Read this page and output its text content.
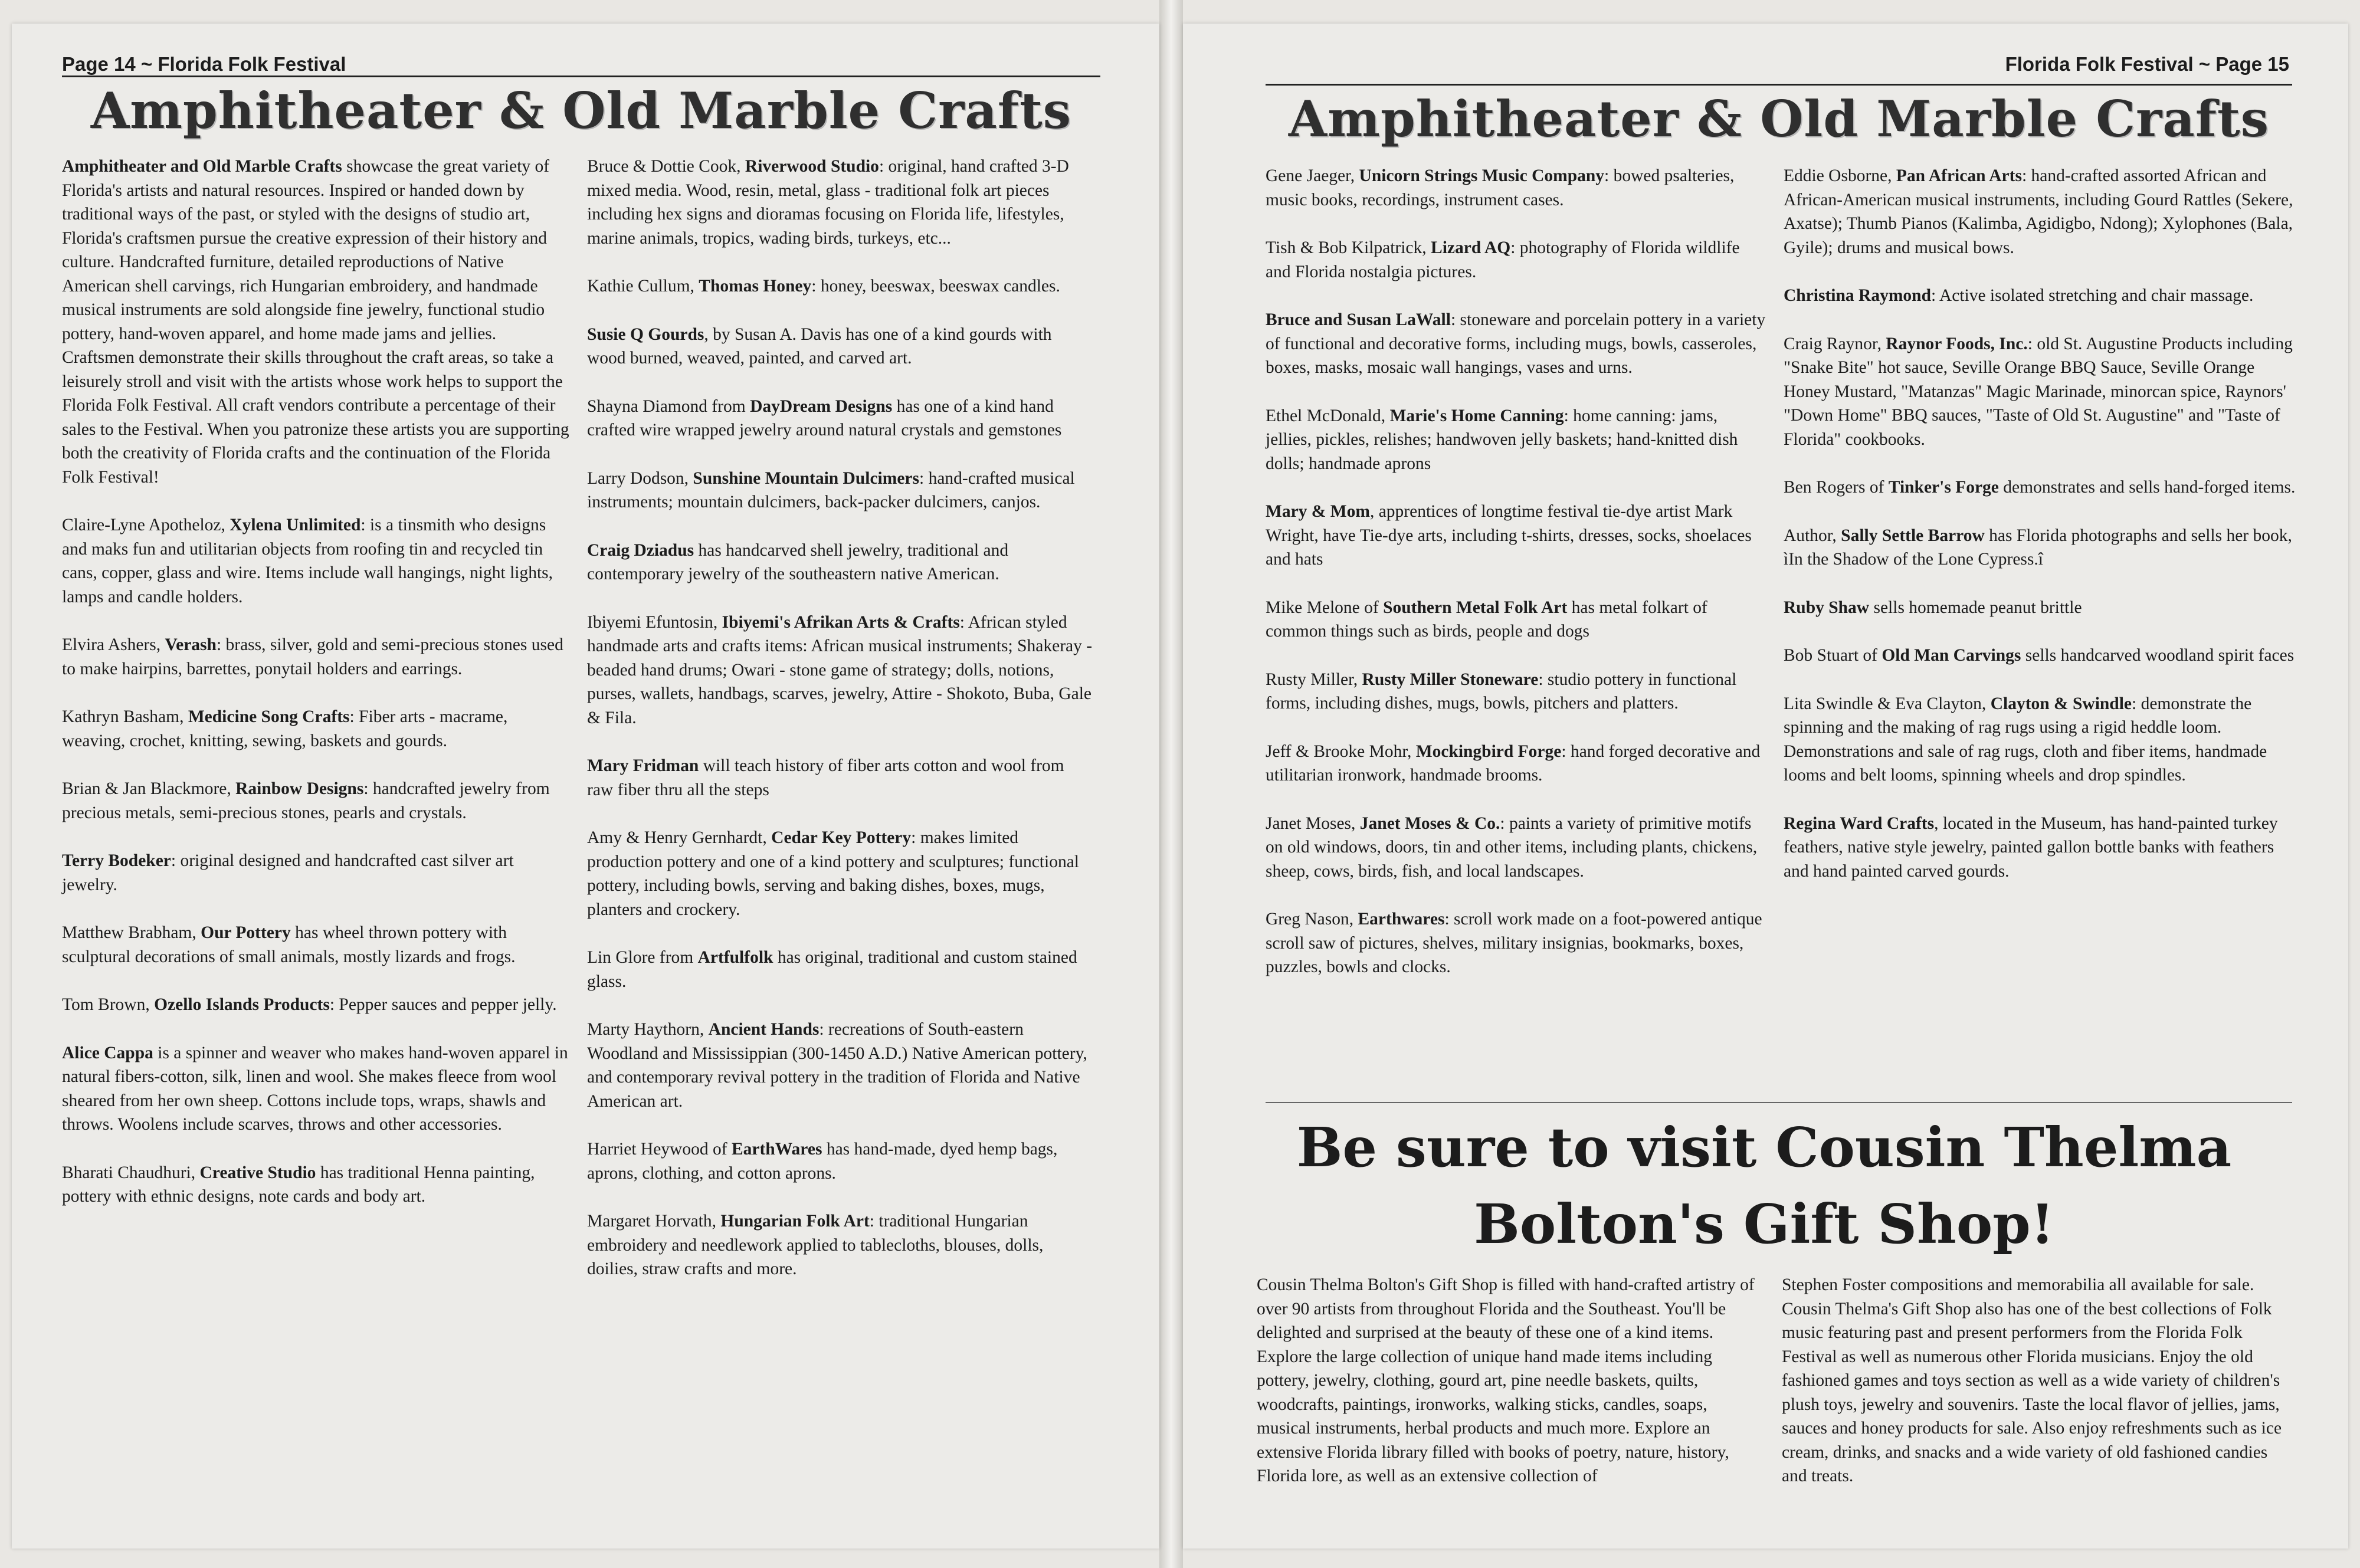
Page 14 ~ Florida Folk Festival
Amphitheater & Old Marble Crafts

Amphitheater and Old Marble Crafts showcase the great variety of Florida's artists and natural resources. Inspired or handed down by traditional ways of the past, or styled with the designs of studio art, Florida's craftsmen pursue the creative expression of their history and culture. Handcrafted furniture, detailed reproductions of Native American shell carvings, rich Hungarian embroidery, and handmade musical instruments are sold alongside fine jewelry, functional studio pottery, hand-woven apparel, and home made jams and jellies. Craftsmen demonstrate their skills throughout the craft areas, so take a leisurely stroll and visit with the artists whose work helps to support the Florida Folk Festival. All craft vendors contribute a percentage of their sales to the Festival. When you patronize these artists you are supporting both the creativity of Florida crafts and the continuation of the Florida Folk Festival!

Claire-Lyne Apotheloz, Xylena Unlimited: is a tinsmith who designs and maks fun and utilitarian objects from roofing tin and recycled tin cans, copper, glass and wire. Items include wall hangings, night lights, lamps and candle holders.

Elvira Ashers, Verash: brass, silver, gold and semi-precious stones used to make hairpins, barrettes, ponytail holders and earrings.

Kathryn Basham, Medicine Song Crafts: Fiber arts - macrame, weaving, crochet, knitting, sewing, baskets and gourds.

Brian & Jan Blackmore, Rainbow Designs: handcrafted jewelry from precious metals, semi-precious stones, pearls and crystals.

Terry Bodeker: original designed and handcrafted cast silver art jewelry.

Matthew Brabham, Our Pottery has wheel thrown pottery with sculptural decorations of small animals, mostly lizards and frogs.

Tom Brown, Ozello Islands Products: Pepper sauces and pepper jelly.

Alice Cappa is a spinner and weaver who makes hand-woven apparel in natural fibers-cotton, silk, linen and wool. She makes fleece from wool sheared from her own sheep. Cottons include tops, wraps, shawls and throws. Woolens include scarves, throws and other accessories.

Bharati Chaudhuri, Creative Studio has traditional Henna painting, pottery with ethnic designs, note cards and body art.

Bruce & Dottie Cook, Riverwood Studio: original, hand crafted 3-D mixed media. Wood, resin, metal, glass - traditional folk art pieces including hex signs and dioramas focusing on Florida life, lifestyles, marine animals, tropics, wading birds, turkeys, etc...

Kathie Cullum, Thomas Honey: honey, beeswax, beeswax candles.

Susie Q Gourds, by Susan A. Davis has one of a kind gourds with wood burned, weaved, painted, and carved art.

Shayna Diamond from DayDream Designs has one of a kind hand crafted wire wrapped jewelry around natural crystals and gemstones

Larry Dodson, Sunshine Mountain Dulcimers: hand-crafted musical instruments; mountain dulcimers, back-packer dulcimers, canjos.

Craig Dziadus has handcarved shell jewelry, traditional and contemporary jewelry of the southeastern native American.

Ibiyemi Efuntosin, Ibiyemi's Afrikan Arts & Crafts: African styled handmade arts and crafts items: African musical instruments; Shakeray - beaded hand drums; Owari - stone game of strategy; dolls, notions, purses, wallets, handbags, scarves, jewelry, Attire - Shokoto, Buba, Gale & Fila.

Mary Fridman will teach history of fiber arts cotton and wool from raw fiber thru all the steps

Amy & Henry Gernhardt, Cedar Key Pottery: makes limited production pottery and one of a kind pottery and sculptures; functional pottery, including bowls, serving and baking dishes, boxes, mugs, planters and crockery.

Lin Glore from Artfulfolk has original, traditional and custom stained glass.

Marty Haythorn, Ancient Hands: recreations of South-eastern Woodland and Mississippian (300-1450 A.D.) Native American pottery, and contemporary revival pottery in the tradition of Florida and Native American art.

Harriet Heywood of EarthWares has hand-made, dyed hemp bags, aprons, clothing, and cotton aprons.

Margaret Horvath, Hungarian Folk Art: traditional Hungarian embroidery and needlework applied to tablecloths, blouses, dolls, doilies, straw crafts and more.

Florida Folk Festival ~ Page 15
Amphitheater & Old Marble Crafts

Gene Jaeger, Unicorn Strings Music Company: bowed psalteries, music books, recordings, instrument cases.

Tish & Bob Kilpatrick, Lizard AQ: photography of Florida wildlife and Florida nostalgia pictures.

Bruce and Susan LaWall: stoneware and porcelain pottery in a variety of functional and decorative forms, including mugs, bowls, casseroles, boxes, masks, mosaic wall hangings, vases and urns.

Ethel McDonald, Marie's Home Canning: home canning: jams, jellies, pickles, relishes; handwoven jelly baskets; hand-knitted dish dolls; handmade aprons

Mary & Mom, apprentices of longtime festival tie-dye artist Mark Wright, have Tie-dye arts, including t-shirts, dresses, socks, shoelaces and hats

Mike Melone of Southern Metal Folk Art has metal folkart of common things such as birds, people and dogs

Rusty Miller, Rusty Miller Stoneware: studio pottery in functional forms, including dishes, mugs, bowls, pitchers and platters.

Jeff & Brooke Mohr, Mockingbird Forge: hand forged decorative and utilitarian ironwork, handmade brooms.

Janet Moses, Janet Moses & Co.: paints a variety of primitive motifs on old windows, doors, tin and other items, including plants, chickens, sheep, cows, birds, fish, and local landscapes.

Greg Nason, Earthwares: scroll work made on a foot-powered antique scroll saw of pictures, shelves, military insignias, bookmarks, boxes, puzzles, bowls and clocks.

Eddie Osborne, Pan African Arts: hand-crafted assorted African and African-American musical instruments, including Gourd Rattles (Sekere, Axatse); Thumb Pianos (Kalimba, Agidigbo, Ndong); Xylophones (Bala, Gyile); drums and musical bows.

Christina Raymond: Active isolated stretching and chair massage.

Craig Raynor, Raynor Foods, Inc.: old St. Augustine Products including "Snake Bite" hot sauce, Seville Orange BBQ Sauce, Seville Orange Honey Mustard, "Matanzas" Magic Marinade, minorcan spice, Raynors' "Down Home" BBQ sauces, "Taste of Old St. Augustine" and "Taste of Florida" cookbooks.

Ben Rogers of Tinker's Forge demonstrates and sells hand-forged items.

Author, Sally Settle Barrow has Florida photographs and sells her book, ìIn the Shadow of the Lone Cypress.î

Ruby Shaw sells homemade peanut brittle

Bob Stuart of Old Man Carvings sells handcarved woodland spirit faces

Lita Swindle & Eva Clayton, Clayton & Swindle: demonstrate the spinning and the making of rag rugs using a rigid heddle loom. Demonstrations and sale of rag rugs, cloth and fiber items, handmade looms and belt looms, spinning wheels and drop spindles.

Regina Ward Crafts, located in the Museum, has hand-painted turkey feathers, native style jewelry, painted gallon bottle banks with feathers and hand painted carved gourds.

Be sure to visit Cousin Thelma
Bolton's Gift Shop!

Cousin Thelma Bolton's Gift Shop is filled with hand-crafted artistry of over 90 artists from throughout Florida and the Southeast. You'll be delighted and surprised at the beauty of these one of a kind items. Explore the large collection of unique hand made items including pottery, jewelry, clothing, gourd art, pine needle baskets, quilts, woodcrafts, paintings, ironworks, walking sticks, candles, soaps, musical instruments, herbal products and much more. Explore an extensive Florida library filled with books of poetry, nature, history, Florida lore, as well as an extensive collection of

Stephen Foster compositions and memorabilia all available for sale. Cousin Thelma's Gift Shop also has one of the best collections of Folk music featuring past and present performers from the Florida Folk Festival as well as numerous other Florida musicians. Enjoy the old fashioned games and toys section as well as a wide variety of children's plush toys, jewelry and souvenirs. Taste the local flavor of jellies, jams, sauces and honey products for sale. Also enjoy refreshments such as ice cream, drinks, and snacks and a wide variety of old fashioned candies and treats.
